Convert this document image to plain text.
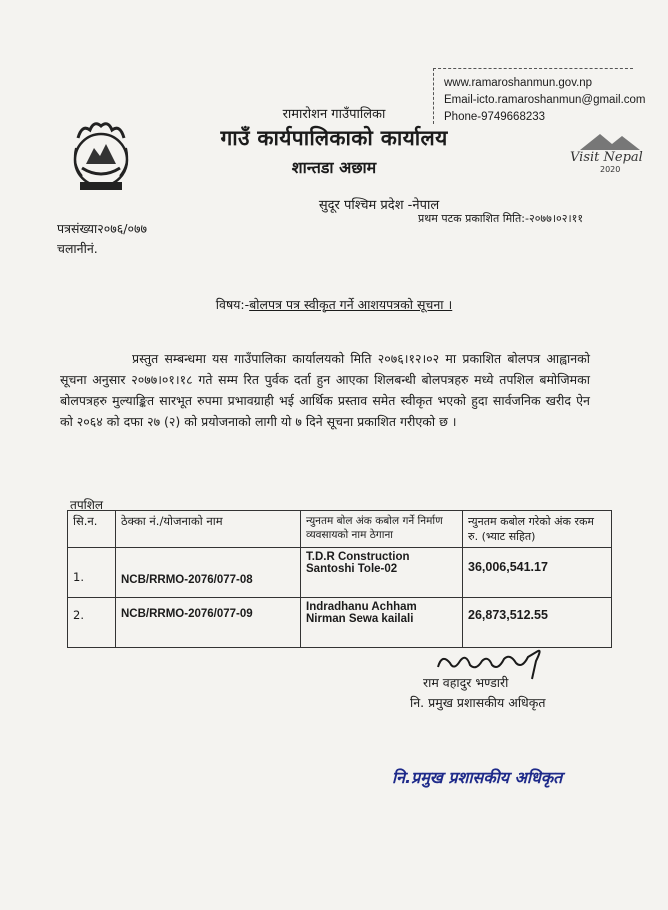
www.ramaroshanmun.gov.np
Email-icto.ramaroshanmun@gmail.com
Phone-9749668233
Visit Nepal
2020
रामारोशन गाउँपालिका
गाउँ कार्यपालिकाको कार्यालय
शान्तडा अछाम
सुदूर पश्चिम प्रदेश -नेपाल
प्रथम पटक प्रकाशित मिति:-२०७७।०२।११
पत्रसंख्या२०७६/०७७
चलानीनं.
विषय:-बोलपत्र पत्र स्वीकृत गर्ने आशयपत्रको सूचना ।
प्रस्तुत सम्बन्धमा यस गाउँपालिका कार्यालयको मिति २०७६।१२।०२ मा प्रकाशित बोलपत्र आह्वानको सूचना अनुसार २०७७।०१।१८ गते सम्म रित पुर्वक दर्ता हुन आएका शिलबन्धी बोलपत्रहरु मध्ये तपशिल बमोजिमका बोलपत्रहरु मुल्याङ्कित सारभूत रुपमा प्रभावग्राही भई आर्थिक प्रस्ताव समेत स्वीकृत भएको हुदा सार्वजनिक खरीद ऐन को २०६४ को दफा २७ (२) को प्रयोजनाको लागी यो ७ दिने सूचना प्रकाशित गरीएको छ ।
तपशिल
सि.न.	ठेक्का नं./योजनाको नाम	न्युनतम बोल अंक कबोल गर्ने निर्माण व्यवसायको नाम ठेगाना	न्युनतम कबोल गरेको अंक रकम रु. (भ्याट सहित)
1.	NCB/RRMO-2076/077-08	T.D.R Construction Santoshi Tole-02	36,006,541.17
2.	NCB/RRMO-2076/077-09	Indradhanu Achham Nirman Sewa kailali	26,873,512.55
राम वहादुर भण्डारी
नि. प्रमुख प्रशासकीय अधिकृत
नि.प्रमुख प्रशासकीय अधिकृत
